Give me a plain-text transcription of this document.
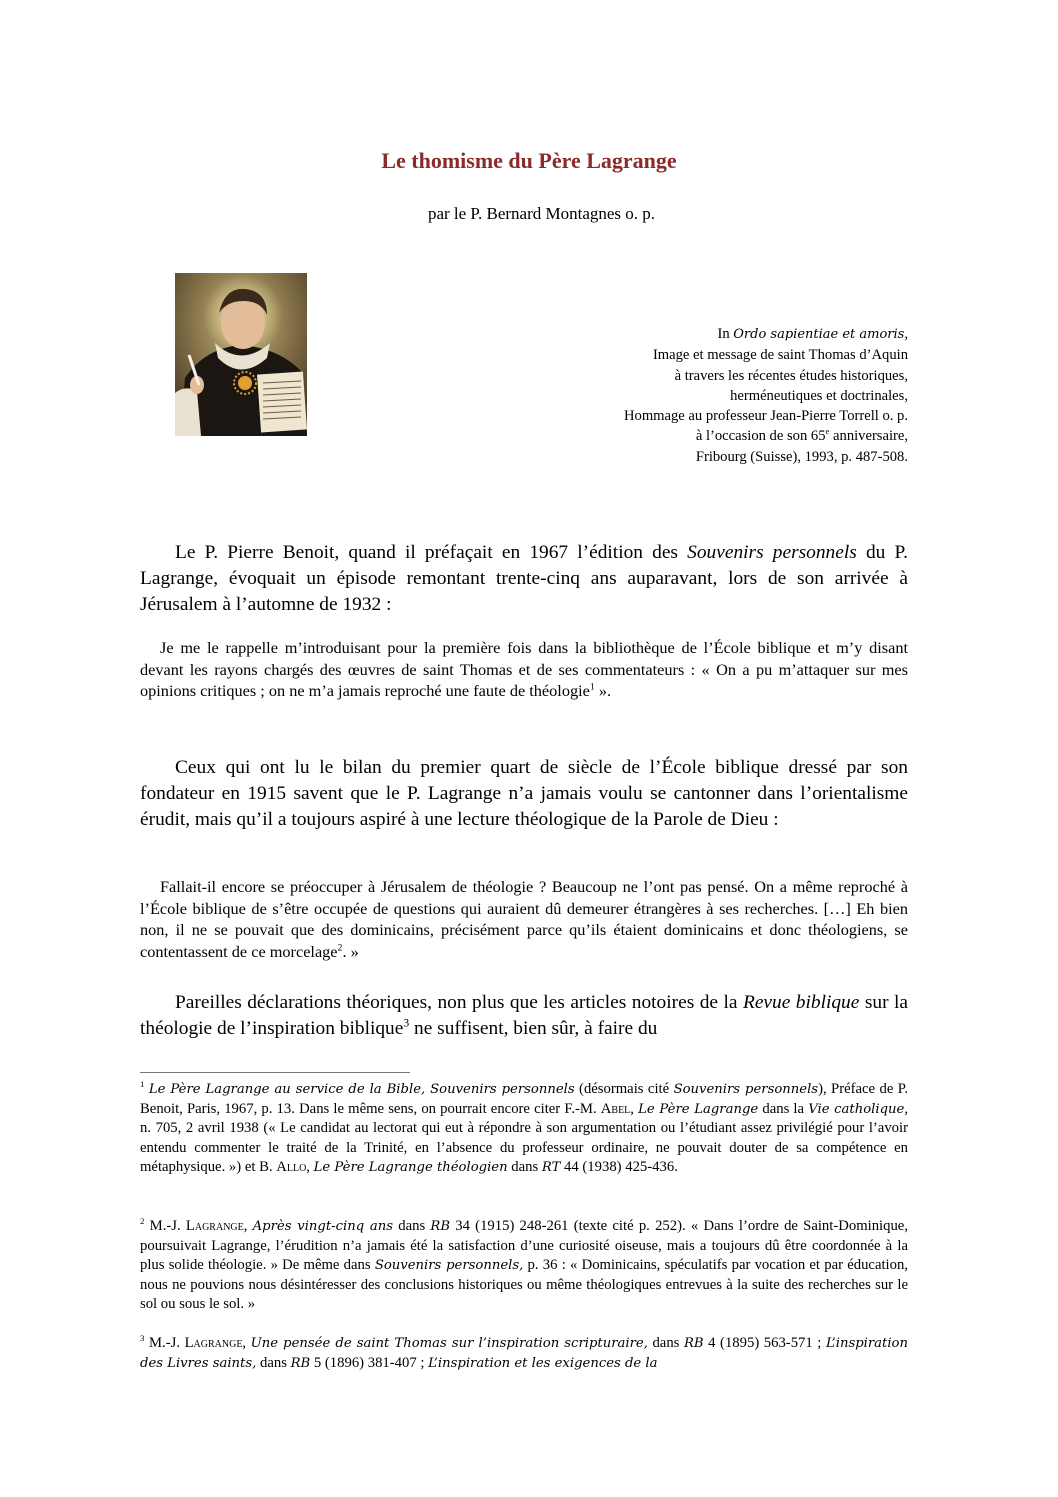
Le thomisme du Père Lagrange
par le P. Bernard Montagnes o. p.
In Ordo sapientiae et amoris,
Image et message de saint Thomas d’Aquin
à travers les récentes études historiques,
herméneutiques et doctrinales,
Hommage au professeur Jean-Pierre Torrell o. p.
à l’occasion de son 65e anniversaire,
Fribourg (Suisse), 1993, p. 487-508.

Le P. Pierre Benoit, quand il préfaçait en 1967 l’édition des Souvenirs personnels du P. Lagrange, évoquait un épisode remontant trente-cinq ans auparavant, lors de son arrivée à Jérusalem à l’automne de 1932 :

Je me le rappelle m’introduisant pour la première fois dans la bibliothèque de l’École biblique et m’y disant devant les rayons chargés des œuvres de saint Thomas et de ses commentateurs : « On a pu m’attaquer sur mes opinions critiques ; on ne m’a jamais reproché une faute de théologie$^1$ ».

Ceux qui ont lu le bilan du premier quart de siècle de l’École biblique dressé par son fondateur en 1915 savent que le P. Lagrange n’a jamais voulu se cantonner dans l’orientalisme érudit, mais qu’il a toujours aspiré à une lecture théologique de la Parole de Dieu :

Fallait-il encore se préoccuper à Jérusalem de théologie ? Beaucoup ne l’ont pas pensé. On a même reproché à l’École biblique de s’être occupée de questions qui auraient dû demeurer étrangères à ses recherches. […] Eh bien non, il ne se pouvait que des dominicains, précisément parce qu’ils étaient dominicains et donc théologiens, se contentassent de ce morcelage$^2$. »

Pareilles déclarations théoriques, non plus que les articles notoires de la Revue biblique sur la théologie de l’inspiration biblique$^3$ ne suffisent, bien sûr, à faire du

$^1$ Le Père Lagrange au service de la Bible, Souvenirs personnels (désormais cité Souvenirs personnels), Préface de P. Benoit, Paris, 1967, p. 13. Dans le même sens, on pourrait encore citer F.-M. Abel, Le Père Lagrange dans la Vie catholique, n. 705, 2 avril 1938 (« Le candidat au lectorat qui eut à répondre à son argumentation ou l’étudiant assez privilégié pour l’avoir entendu commenter le traité de la Trinité, en l’absence du professeur ordinaire, ne pouvait douter de sa compétence en métaphysique. ») et B. Allo, Le Père Lagrange théologien dans RT 44 (1938) 425-436.
$^2$ M.-J. Lagrange, Après vingt-cinq ans dans RB 34 (1915) 248-261 (texte cité p. 252). « Dans l’ordre de Saint-Dominique, poursuivait Lagrange, l’érudition n’a jamais été la satisfaction d’une curiosité oiseuse, mais a toujours dû être coordonnée à la plus solide théologie. » De même dans Souvenirs personnels, p. 36 : « Dominicains, spéculatifs par vocation et par éducation, nous ne pouvions nous désintéresser des conclusions historiques ou même théologiques entrevues à la suite des recherches sur le sol ou sous le sol. »
$^3$ M.-J. Lagrange, Une pensée de saint Thomas sur l’inspiration scripturaire, dans RB 4 (1895) 563-571 ; L’inspiration des Livres saints, dans RB 5 (1896) 381-407 ; L’inspiration et les exigences de la
